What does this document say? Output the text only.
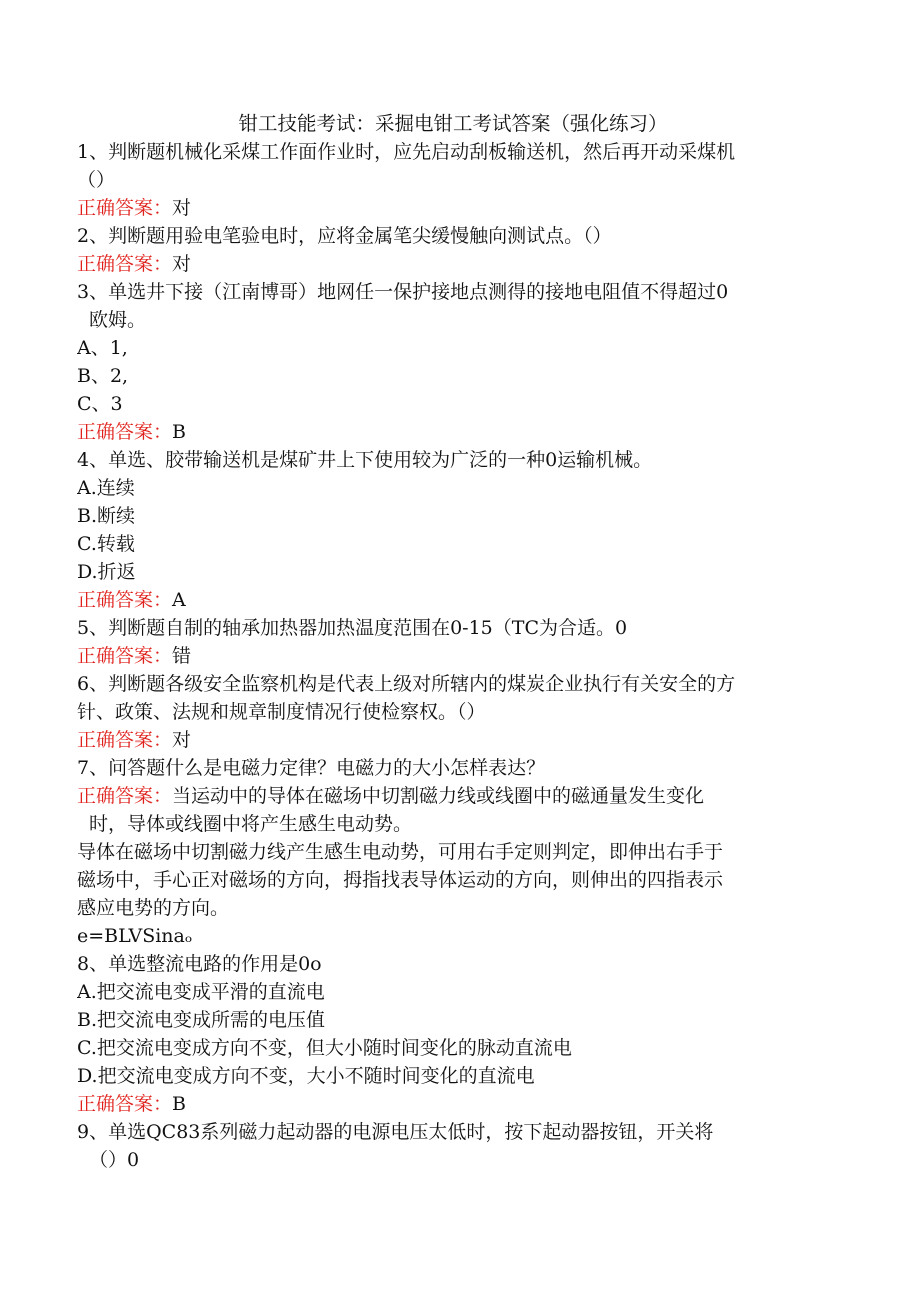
钳工技能考试：采掘电钳工考试答案（强化练习）
1、判断题机械化采煤工作面作业时，应先启动刮板输送机，然后再开动采煤机
（）
正确答案：对
2、判断题用验电笔验电时，应将金属笔尖缓慢触向测试点。（）
正确答案：对
3、单选井下接（江南博哥）地网任一保护接地点测得的接地电阻值不得超过0
欧姆。
A、1,
B、2,
C、3
正确答案：B
4、单选、胶带输送机是煤矿井上下使用较为广泛的一种0运输机械。
A.连续
B.断续
C.转载
D.折返
正确答案：A
5、判断题自制的轴承加热器加热温度范围在0-15（TC为合适。0
正确答案：错
6、判断题各级安全监察机构是代表上级对所辖内的煤炭企业执行有关安全的方
针、政策、法规和规章制度情况行使检察权。（）
正确答案：对
7、问答题什么是电磁力定律？电磁力的大小怎样表达？
正确答案：当运动中的导体在磁场中切割磁力线或线圈中的磁通量发生变化
时，导体或线圈中将产生感生电动势。
导体在磁场中切割磁力线产生感生电动势，可用右手定则判定，即伸出右手于
磁场中，手心正对磁场的方向，拇指找表导体运动的方向，则伸出的四指表示
感应电势的方向。
e=BLVSinaₒ
8、单选整流电路的作用是0o
A.把交流电变成平滑的直流电
B.把交流电变成所需的电压值
C.把交流电变成方向不变，但大小随时间变化的脉动直流电
D.把交流电变成方向不变，大小不随时间变化的直流电
正确答案：B
9、单选QC83系列磁力起动器的电源电压太低时，按下起动器按钮，开关将
（）0
